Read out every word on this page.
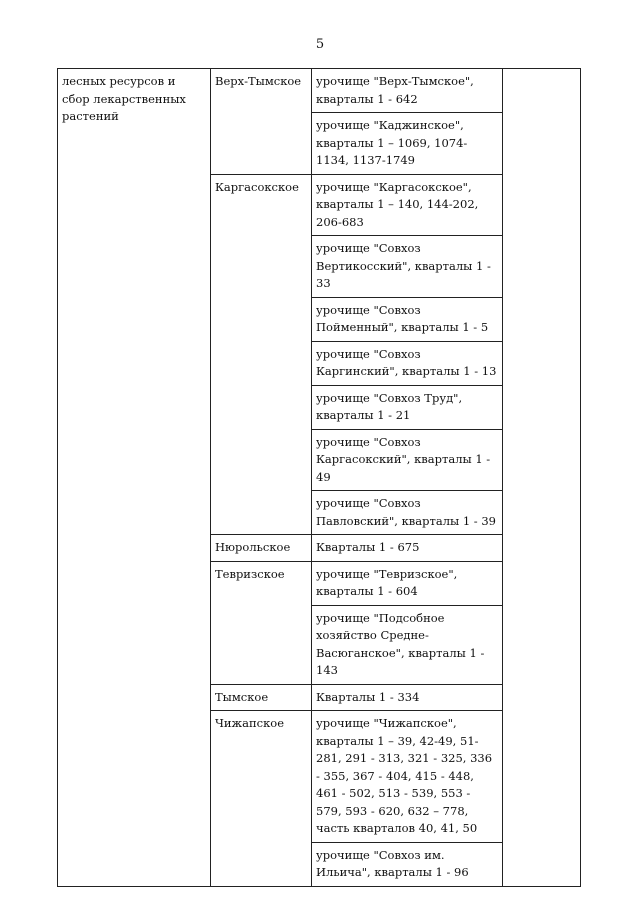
5
лесных ресурсов и сбор лекарственных растений	Верх-Тымское	урочище "Верх-Тымское", кварталы 1 - 642	
		урочище "Каджинское", кварталы 1 – 1069, 1074-1134, 1137-1749	
	Каргасокское	урочище "Каргасокское", кварталы 1 – 140, 144-202, 206-683	
		урочище "Совхоз Вертикосский", кварталы 1 - 33	
		урочище "Совхоз Пойменный", кварталы 1 - 5	
		урочище "Совхоз Каргинский", кварталы 1 - 13	
		урочище "Совхоз Труд", кварталы 1 - 21	
		урочище "Совхоз Каргасокский", кварталы 1 - 49	
		урочище "Совхоз Павловский", кварталы 1 - 39	
	Нюрольское	Кварталы 1 - 675	
	Тевризское	урочище "Тевризское", кварталы 1 - 604	
		урочище "Подсобное хозяйство Средне-Васюганское", кварталы 1 - 143	
	Тымское	Кварталы 1 - 334	
	Чижапское	урочище "Чижапское", кварталы 1 – 39, 42-49, 51-281, 291 - 313, 321 - 325, 336 - 355, 367 - 404, 415 - 448, 461 - 502, 513 - 539, 553 - 579, 593 - 620, 632 – 778, часть кварталов 40, 41, 50	
		урочище "Совхоз им. Ильича", кварталы 1 - 96	
